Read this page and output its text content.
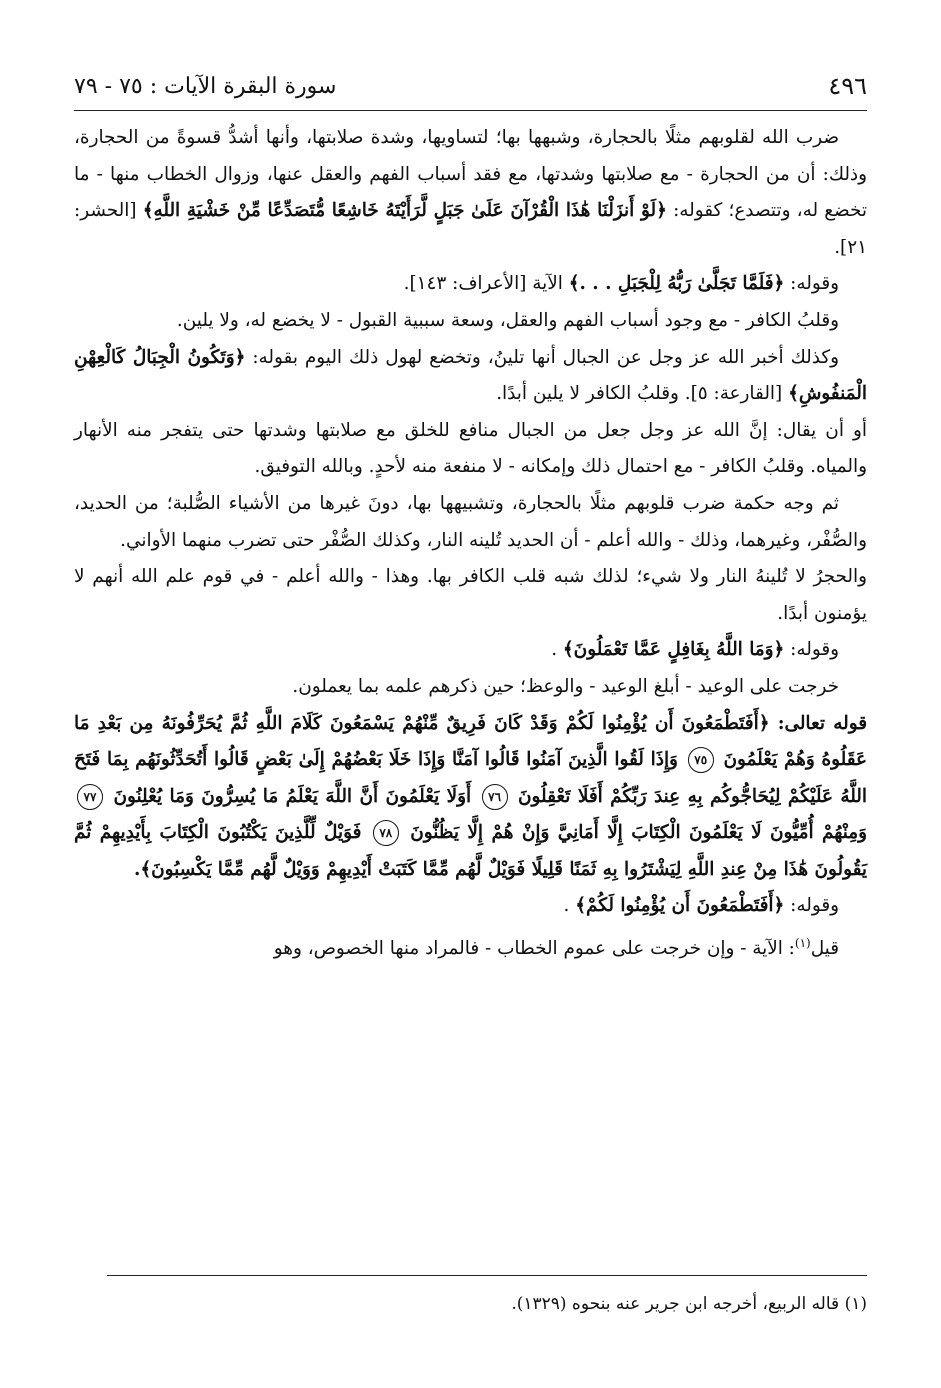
٤٩٦
سورة البقرة الآيات : ٧٥ - ٧٩

ضرب الله لقلوبهم مثلًا بالحجارة، وشبهها بها؛ لتساويها، وشدة صلابتها، وأنها أشدُّ قسوةً من الحجارة، وذلك: أن من الحجارة - مع صلابتها وشدتها، مع فقد أسباب الفهم والعقل عنها، وزوال الخطاب منها - ما تخضع له، وتتصدع؛ كقوله: ﴿لَوْ أَنزَلْنَا هَٰذَا الْقُرْآنَ عَلَىٰ جَبَلٍ لَّرَأَيْتَهُ خَاشِعًا مُّتَصَدِّعًا مِّنْ خَشْيَةِ اللَّهِ﴾ [الحشر: ٢١].

وقوله: ﴿فَلَمَّا تَجَلَّىٰ رَبُّهُ لِلْجَبَلِ . . .﴾ الآية [الأعراف: ١٤٣].

وقلبُ الكافر - مع وجود أسباب الفهم والعقل، وسعة سببية القبول - لا يخضع له، ولا يلين.

وكذلك أخبر الله عز وجل عن الجبال أنها تلينُ، وتخضع لهول ذلك اليوم بقوله: ﴿وَتَكُونُ الْجِبَالُ كَالْعِهْنِ الْمَنفُوشِ﴾ [القارعة: ٥]. وقلبُ الكافر لا يلين أبدًا.

أو أن يقال: إنَّ الله عز وجل جعل من الجبال منافع للخلق مع صلابتها وشدتها حتى يتفجر منه الأنهار والمياه. وقلبُ الكافر - مع احتمال ذلك وإمكانه - لا منفعة منه لأحدٍ. وبالله التوفيق.

ثم وجه حكمة ضرب قلوبهم مثلًا بالحجارة، وتشبيهها بها، دونَ غيرها من الأشياء الصُّلبة؛ من الحديد، والصُّفْر، وغيرهما، وذلك - والله أعلم - أن الحديد تُلينه النار، وكذلك الصُّفْر حتى تضرب منهما الأواني.

والحجرُ لا تُلينهُ النار ولا شيء؛ لذلك شبه قلب الكافر بها. وهذا - والله أعلم - في قوم علم الله أنهم لا يؤمنون أبدًا.

وقوله: ﴿وَمَا اللَّهُ بِغَافِلٍ عَمَّا تَعْمَلُونَ﴾ .

خرجت على الوعيد - أبلغ الوعيد - والوعظ؛ حين ذكرهم علمه بما يعملون.

قوله تعالى: ﴿أَفَتَطْمَعُونَ أَن يُؤْمِنُوا لَكُمْ وَقَدْ كَانَ فَرِيقٌ مِّنْهُمْ يَسْمَعُونَ كَلَامَ اللَّهِ ثُمَّ يُحَرِّفُونَهُ مِن بَعْدِ مَا عَقَلُوهُ وَهُمْ يَعْلَمُونَ ٧٥ وَإِذَا لَقُوا الَّذِينَ آمَنُوا قَالُوا آمَنَّا وَإِذَا خَلَا بَعْضُهُمْ إِلَىٰ بَعْضٍ قَالُوا أَتُحَدِّثُونَهُم بِمَا فَتَحَ اللَّهُ عَلَيْكُمْ لِيُحَاجُّوكُم بِهِ عِندَ رَبِّكُمْ أَفَلَا تَعْقِلُونَ ٧٦ أَوَلَا يَعْلَمُونَ أَنَّ اللَّهَ يَعْلَمُ مَا يُسِرُّونَ وَمَا يُعْلِنُونَ ٧٧ وَمِنْهُمْ أُمِّيُّونَ لَا يَعْلَمُونَ الْكِتَابَ إِلَّا أَمَانِيَّ وَإِنْ هُمْ إِلَّا يَظُنُّونَ ٧٨ فَوَيْلٌ لِّلَّذِينَ يَكْتُبُونَ الْكِتَابَ بِأَيْدِيهِمْ ثُمَّ يَقُولُونَ هَٰذَا مِنْ عِندِ اللَّهِ لِيَشْتَرُوا بِهِ ثَمَنًا قَلِيلًا فَوَيْلٌ لَّهُم مِّمَّا كَتَبَتْ أَيْدِيهِمْ وَوَيْلٌ لَّهُم مِّمَّا يَكْسِبُونَ﴾.

وقوله: ﴿أَفَتَطْمَعُونَ أَن يُؤْمِنُوا لَكُمْ﴾ .

قيل$^{(١)}$: الآية - وإن خرجت على عموم الخطاب - فالمراد منها الخصوص، وهو

(١) قاله الربيع، أخرجه ابن جرير عنه بنحوه (١٣٢٩).
